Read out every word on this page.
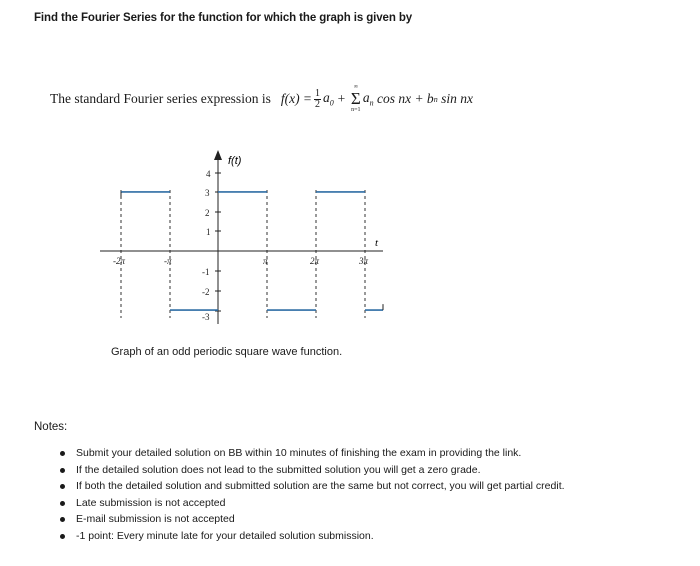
Find the Fourier Series for the function for which the graph is given by
The standard Fourier series expression is $f(x) = \frac{1}{2} a_0$ +
∞
Σ
n=1
$a_n$ cos nx + b n sin nx
f(t)
t
4
3
2
1
-1
-2
-3
-2π	-π	π	2π	3π
Graph of an odd periodic square wave function.
Notes:
Submit your detailed solution on BB within 10 minutes of finishing the exam in providing the link.
If the detailed solution does not lead to the submitted solution you will get a zero grade.
If both the detailed solution and submitted solution are the same but not correct, you will get partial credit.
Late submission is not accepted
E-mail submission is not accepted
-1 point: Every minute late for your detailed solution submission.
